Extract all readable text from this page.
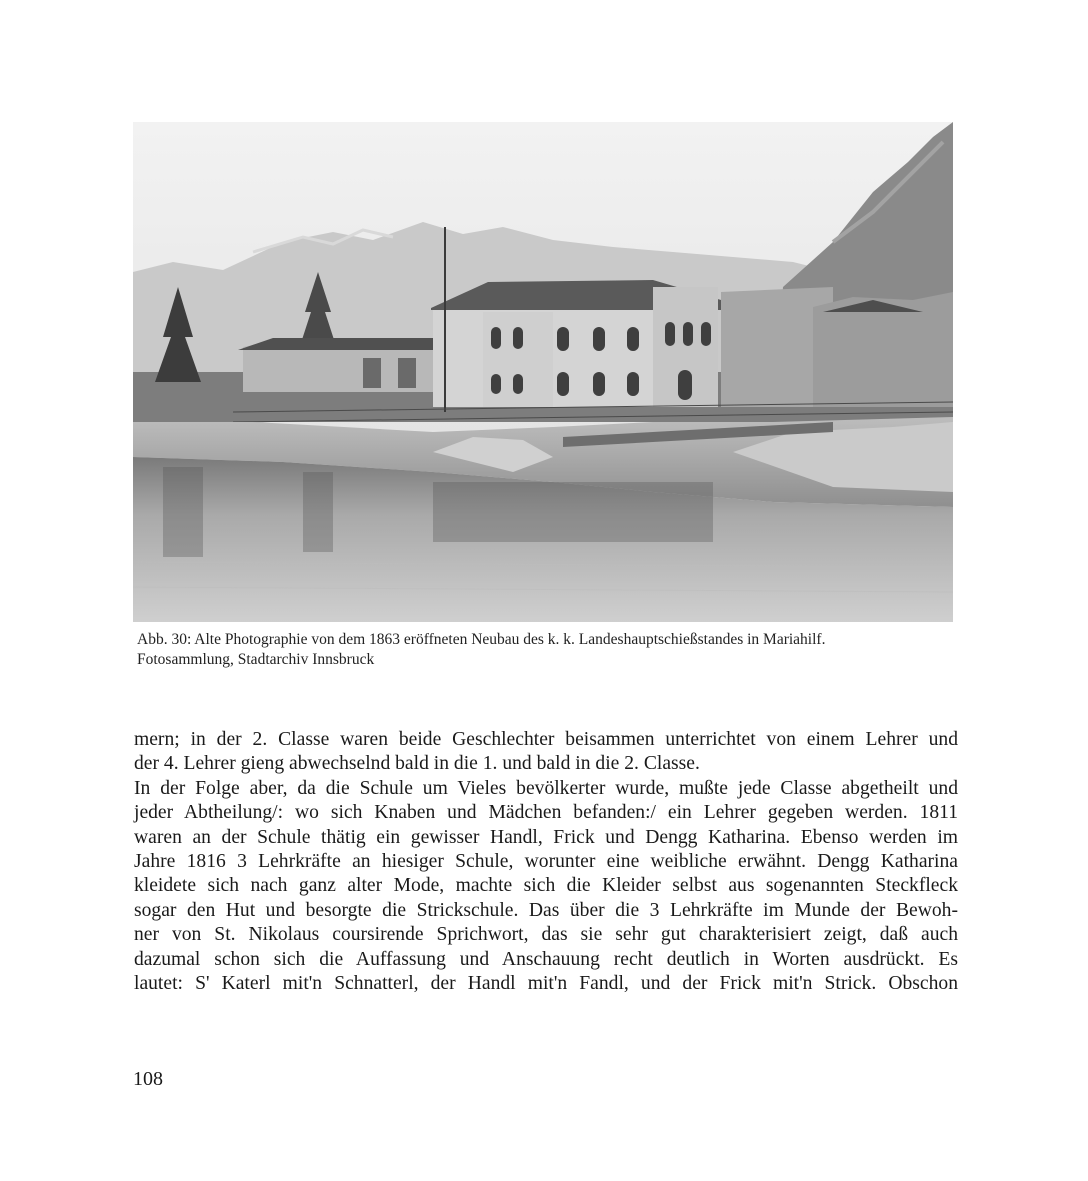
Abb. 30: Alte Photographie von dem 1863 eröffneten Neubau des k. k. Landeshauptschießstandes in Mariahilf.
Fotosammlung, Stadtarchiv Innsbruck
mern; in der 2. Classe waren beide Geschlechter beisammen unterrichtet von einem Lehrer und
der 4. Lehrer gieng abwechselnd bald in die 1. und bald in die 2. Classe.
In der Folge aber, da die Schule um Vieles bevölkerter wurde, mußte jede Classe abgetheilt und
jeder Abtheilung/: wo sich Knaben und Mädchen befanden:/ ein Lehrer gegeben werden. 1811
waren an der Schule thätig ein gewisser Handl, Frick und Dengg Katharina. Ebenso werden im
Jahre 1816 3 Lehrkräfte an hiesiger Schule, worunter eine weibliche erwähnt. Dengg Katharina
kleidete sich nach ganz alter Mode, machte sich die Kleider selbst aus sogenannten Steckfleck
sogar den Hut und besorgte die Strickschule. Das über die 3 Lehrkräfte im Munde der Bewoh-
ner von St. Nikolaus coursirende Sprichwort, das sie sehr gut charakterisiert zeigt, daß auch
dazumal schon sich die Auffassung und Anschauung recht deutlich in Worten ausdrückt. Es
lautet: S' Katerl mit'n Schnatterl, der Handl mit'n Fandl, und der Frick mit'n Strick. Obschon
108
